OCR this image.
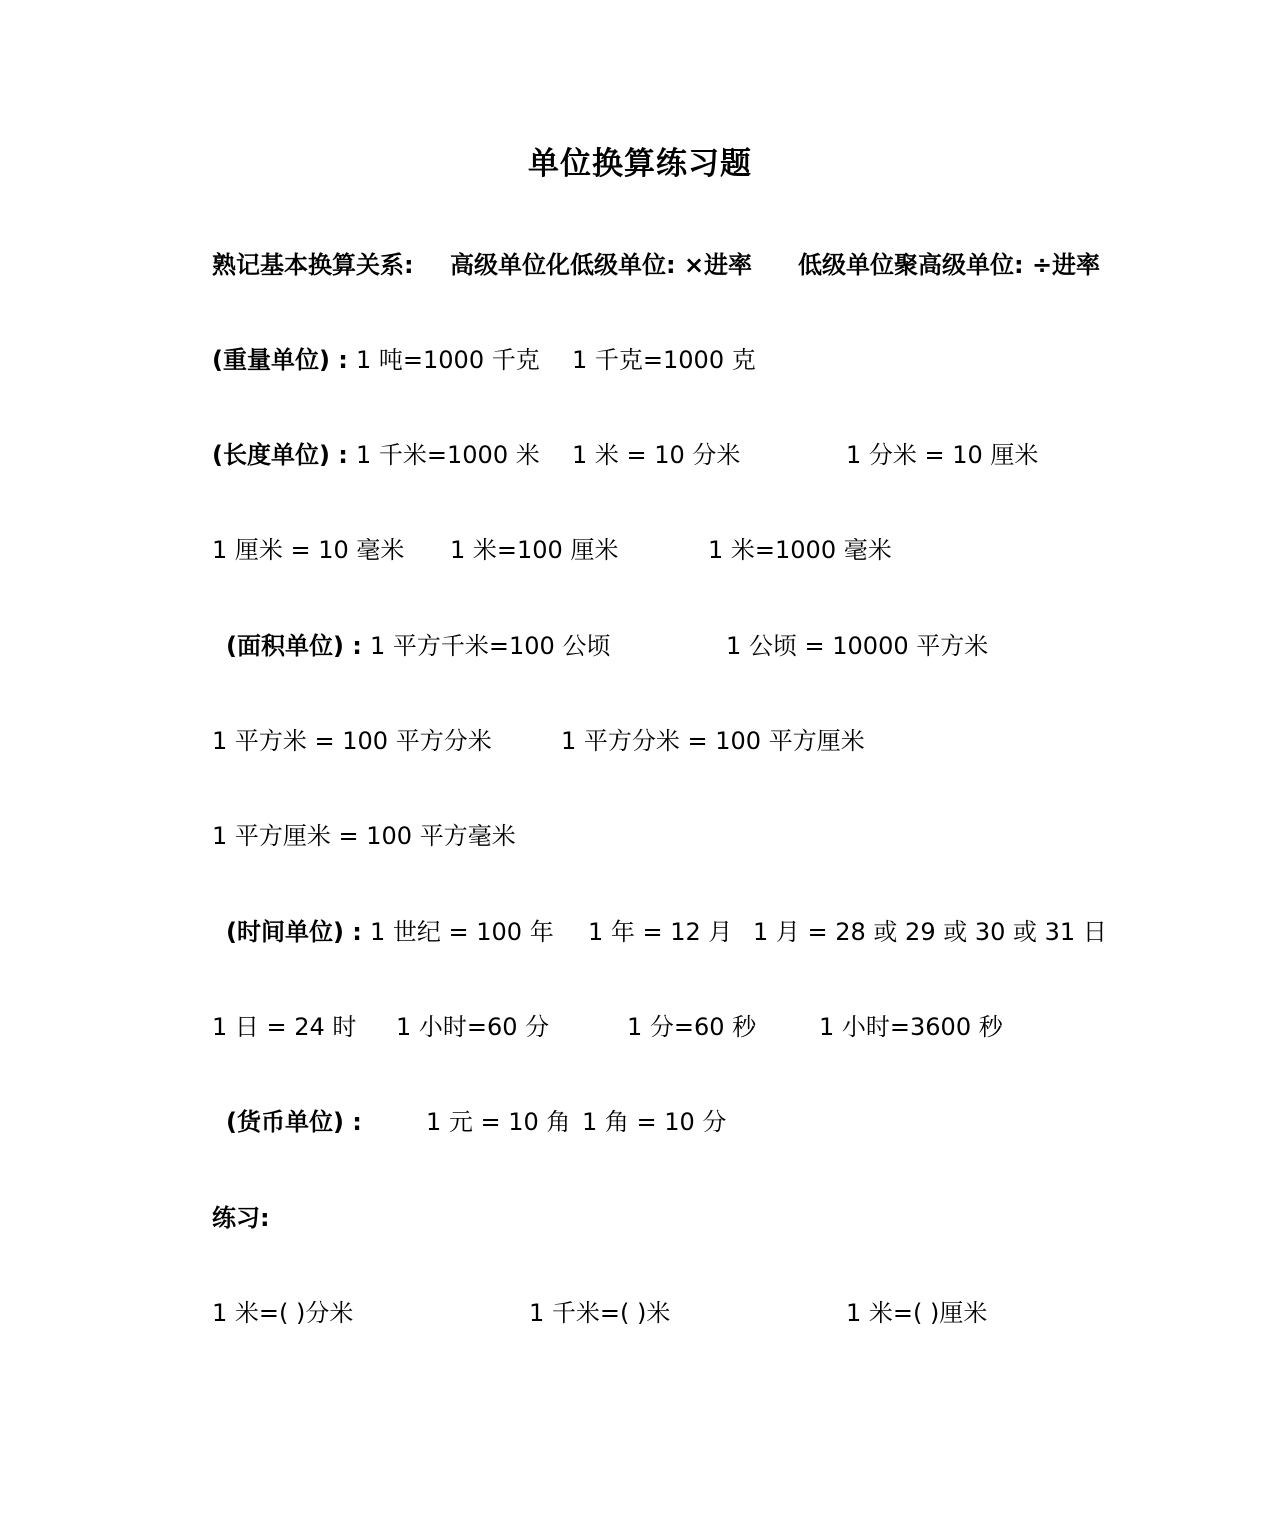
单位换算练习题
熟记基本换算关系: 高级单位化低级单位: ×进率 低级单位聚高级单位: ÷进率
(重量单位) : 1 吨=1000 千克 1 千克=1000 克
(长度单位) : 1 千米=1000 米 1 米 = 10 分米	1 分米 = 10 厘米
1 厘米 = 10 毫米 1 米=100 厘米	1 米=1000 毫米
(面积单位) : 1 平方千米=100 公顷	1 公顷 = 10000 平方米
1 平方米 = 100 平方分米	1 平方分米 = 100 平方厘米
1 平方厘米 = 100 平方毫米
(时间单位) : 1 世纪 = 100 年 1 年 = 12 月 1 月 = 28 或 29 或 30 或 31 日
1 日 = 24 时 1 小时=60 分	1 分=60 秒	1 小时=3600 秒
(货币单位) :	1 元 = 10 角 1 角 = 10 分
练习:
1 米=( )分米	1 千米=( )米	1 米=( )厘米
